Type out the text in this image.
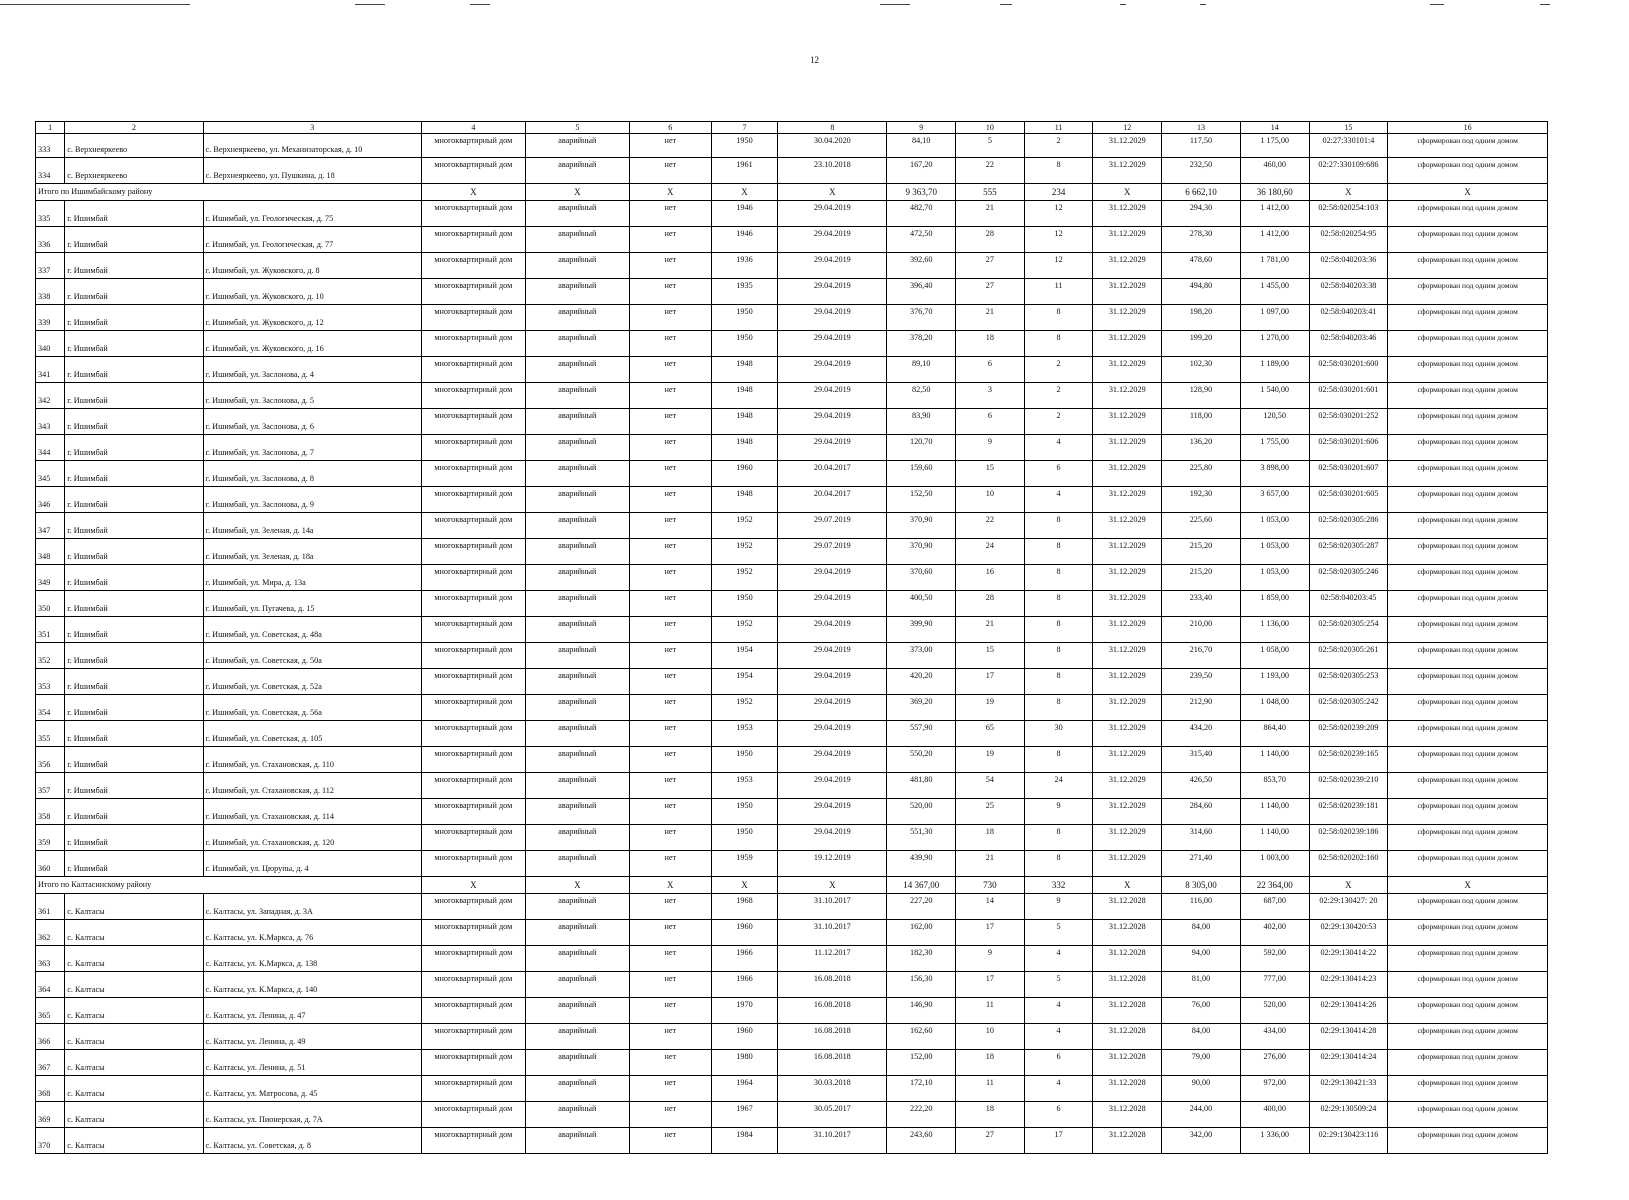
12
1	2	3	4	5	6	7	8	9	10	11	12	13	14	15	16
333	с. Верхнеяркеево	с. Верхнеяркеево, ул. Механизаторская, д. 10	многоквартирный дом	аварийный	нет	1950	30.04.2020	84,10	5	2	31.12.2029	117,50	1 175,00	02:27:330101:4	сформирован под одним домом
334	с. Верхнеяркеево	с. Верхнеяркеево, ул. Пушкина, д. 18	многоквартирный дом	аварийный	нет	1961	23.10.2018	167,20	22	8	31.12.2029	232,50	460,00	02:27:330109:686	сформирован под одним домом
Итого по Ишимбайскому району			Х	Х	Х	Х	Х	9 363,70	555	234	Х	6 662,10	36 180,60	Х	Х
335	г. Ишимбай	г. Ишимбай, ул. Геологическая, д. 75	многоквартирный дом	аварийный	нет	1946	29.04.2019	482,70	21	12	31.12.2029	294,30	1 412,00	02:58:020254:103	сформирован под одним домом
336	г. Ишимбай	г. Ишимбай, ул. Геологическая, д. 77	многоквартирный дом	аварийный	нет	1946	29.04.2019	472,50	28	12	31.12.2029	278,30	1 412,00	02:58:020254:95	сформирован под одним домом
337	г. Ишимбай	г. Ишимбай, ул. Жуковского, д. 8	многоквартирный дом	аварийный	нет	1936	29.04.2019	392,60	27	12	31.12.2029	478,60	1 781,00	02:58:040203:36	сформирован под одним домом
338	г. Ишимбай	г. Ишимбай, ул. Жуковского, д. 10	многоквартирный дом	аварийный	нет	1935	29.04.2019	396,40	27	11	31.12.2029	494,80	1 455,00	02:58:040203:38	сформирован под одним домом
339	г. Ишимбай	г. Ишимбай, ул. Жуковского, д. 12	многоквартирный дом	аварийный	нет	1950	29.04.2019	376,70	21	8	31.12.2029	198,20	1 097,00	02:58:040203:41	сформирован под одним домом
340	г. Ишимбай	г. Ишимбай, ул. Жуковского, д. 16	многоквартирный дом	аварийный	нет	1950	29.04.2019	378,20	18	8	31.12.2029	199,20	1 270,00	02:58:040203:46	сформирован под одним домом
341	г. Ишимбай	г. Ишимбай, ул. Заслонова, д. 4	многоквартирный дом	аварийный	нет	1948	29.04.2019	89,10	6	2	31.12.2029	102,30	1 189,00	02:58:030201:600	сформирован под одним домом
342	г. Ишимбай	г. Ишимбай, ул. Заслонова, д. 5	многоквартирный дом	аварийный	нет	1948	29.04.2019	82,50	3	2	31.12.2029	128,90	1 540,00	02:58:030201:601	сформирован под одним домом
343	г. Ишимбай	г. Ишимбай, ул. Заслонова, д. 6	многоквартирный дом	аварийный	нет	1948	29.04.2019	83,90	6	2	31.12.2029	118,00	120,50	02:58:030201:252	сформирован под одним домом
344	г. Ишимбай	г. Ишимбай, ул. Заслонова, д. 7	многоквартирный дом	аварийный	нет	1948	29.04.2019	120,70	9	4	31.12.2029	136,20	1 755,00	02:58:030201:606	сформирован под одним домом
345	г. Ишимбай	г. Ишимбай, ул. Заслонова, д. 8	многоквартирный дом	аварийный	нет	1960	20.04.2017	159,60	15	6	31.12.2029	225,80	3 898,00	02:58:030201:607	сформирован под одним домом
346	г. Ишимбай	г. Ишимбай, ул. Заслонова, д. 9	многоквартирный дом	аварийный	нет	1948	20.04.2017	152,50	10	4	31.12.2029	192,30	3 657,00	02:58:030201:605	сформирован под одним домом
347	г. Ишимбай	г. Ишимбай, ул. Зеленая, д. 14а	многоквартирный дом	аварийный	нет	1952	29.07.2019	370,90	22	8	31.12.2029	225,60	1 053,00	02:58:020305:286	сформирован под одним домом
348	г. Ишимбай	г. Ишимбай, ул. Зеленая, д. 18а	многоквартирный дом	аварийный	нет	1952	29.07.2019	370,90	24	8	31.12.2029	215,20	1 053,00	02:58:020305:287	сформирован под одним домом
349	г. Ишимбай	г. Ишимбай, ул. Мира, д. 13а	многоквартирный дом	аварийный	нет	1952	29.04.2019	370,60	16	8	31.12.2029	215,20	1 053,00	02:58:020305:246	сформирован под одним домом
350	г. Ишимбай	г. Ишимбай, ул. Пугачева, д. 15	многоквартирный дом	аварийный	нет	1950	29.04.2019	400,50	28	8	31.12.2029	233,40	1 859,00	02:58:040203:45	сформирован под одним домом
351	г. Ишимбай	г. Ишимбай, ул. Советская, д. 48а	многоквартирный дом	аварийный	нет	1952	29.04.2019	399,90	21	8	31.12.2029	210,00	1 136,00	02:58:020305:254	сформирован под одним домом
352	г. Ишимбай	г. Ишимбай, ул. Советская, д. 50а	многоквартирный дом	аварийный	нет	1954	29.04.2019	373,00	15	8	31.12.2029	216,70	1 058,00	02:58:020305:261	сформирован под одним домом
353	г. Ишимбай	г. Ишимбай, ул. Советская, д. 52а	многоквартирный дом	аварийный	нет	1954	29.04.2019	420,20	17	8	31.12.2029	239,50	1 193,00	02:58:020305:253	сформирован под одним домом
354	г. Ишимбай	г. Ишимбай, ул. Советская, д. 56а	многоквартирный дом	аварийный	нет	1952	29.04.2019	369,20	19	8	31.12.2029	212,90	1 048,00	02:58:020305:242	сформирован под одним домом
355	г. Ишимбай	г. Ишимбай, ул. Советская, д. 105	многоквартирный дом	аварийный	нет	1953	29.04.2019	557,90	65	30	31.12.2029	434,20	864,40	02:58:020239:209	сформирован под одним домом
356	г. Ишимбай	г. Ишимбай, ул. Стахановская, д. 110	многоквартирный дом	аварийный	нет	1950	29.04.2019	550,20	19	8	31.12.2029	315,40	1 140,00	02:58:020239:165	сформирован под одним домом
357	г. Ишимбай	г. Ишимбай, ул. Стахановская, д. 112	многоквартирный дом	аварийный	нет	1953	29.04.2019	481,80	54	24	31.12.2029	426,50	853,70	02:58:020239:210	сформирован под одним домом
358	г. Ишимбай	г. Ишимбай, ул. Стахановская, д. 114	многоквартирный дом	аварийный	нет	1950	29.04.2019	520,00	25	9	31.12.2029	284,60	1 140,00	02:58:020239:181	сформирован под одним домом
359	г. Ишимбай	г. Ишимбай, ул. Стахановская, д. 120	многоквартирный дом	аварийный	нет	1950	29.04.2019	551,30	18	8	31.12.2029	314,60	1 140,00	02:58:020239:186	сформирован под одним домом
360	г. Ишимбай	г. Ишимбай, ул. Цюрупы, д. 4	многоквартирный дом	аварийный	нет	1959	19.12.2019	439,90	21	8	31.12.2029	271,40	1 003,00	02:58:020202:160	сформирован под одним домом
Итого по Калтасинскому району			Х	Х	Х	Х	Х	14 367,00	730	332	Х	8 305,00	22 364,00	Х	Х
361	с. Калтасы	с. Калтасы, ул. Западная, д. 3А	многоквартирный дом	аварийный	нет	1968	31.10.2017	227,20	14	9	31.12.2028	116,00	687,00	02:29:130427: 20	сформирован под одним домом
362	с. Калтасы	с. Калтасы, ул. К.Маркса, д. 76	многоквартирный дом	аварийный	нет	1960	31.10.2017	162,00	17	5	31.12.2028	84,00	402,00	02:29:130420:53	сформирован под одним домом
363	с. Калтасы	с. Калтасы, ул. К.Маркса, д. 138	многоквартирный дом	аварийный	нет	1966	11.12.2017	182,30	9	4	31.12.2028	94,00	592,00	02:29:130414:22	сформирован под одним домом
364	с. Калтасы	с. Калтасы, ул. К.Маркса, д. 140	многоквартирный дом	аварийный	нет	1966	16.08.2018	156,30	17	5	31.12.2028	81,00	777,00	02:29:130414:23	сформирован под одним домом
365	с. Калтасы	с. Калтасы, ул. Ленина, д. 47	многоквартирный дом	аварийный	нет	1970	16.08.2018	146,90	11	4	31.12.2028	76,00	520,00	02:29:130414:26	сформирован под одним домом
366	с. Калтасы	с. Калтасы, ул. Ленина, д. 49	многоквартирный дом	аварийный	нет	1960	16.08.2018	162,60	10	4	31.12.2028	84,00	434,00	02:29:130414:28	сформирован под одним домом
367	с. Калтасы	с. Калтасы, ул. Ленина, д. 51	многоквартирный дом	аварийный	нет	1980	16.08.2018	152,00	18	6	31.12.2028	79,00	276,00	02:29:130414:24	сформирован под одним домом
368	с. Калтасы	с. Калтасы, ул. Матросова, д. 45	многоквартирный дом	аварийный	нет	1964	30.03.2018	172,10	11	4	31.12.2028	90,00	972,00	02:29:130421:33	сформирован под одним домом
369	с. Калтасы	с. Калтасы, ул. Пионерская, д. 7А	многоквартирный дом	аварийный	нет	1967	30.05.2017	222,20	18	6	31.12.2028	244,00	400,00	02:29:130509:24	сформирован под одним домом
370	с. Калтасы	с. Калтасы, ул. Советская, д. 8	многоквартирный дом	аварийный	нет	1984	31.10.2017	243,60	27	17	31.12.2028	342,00	1 336,00	02:29:130423:116	сформирован под одним домом
